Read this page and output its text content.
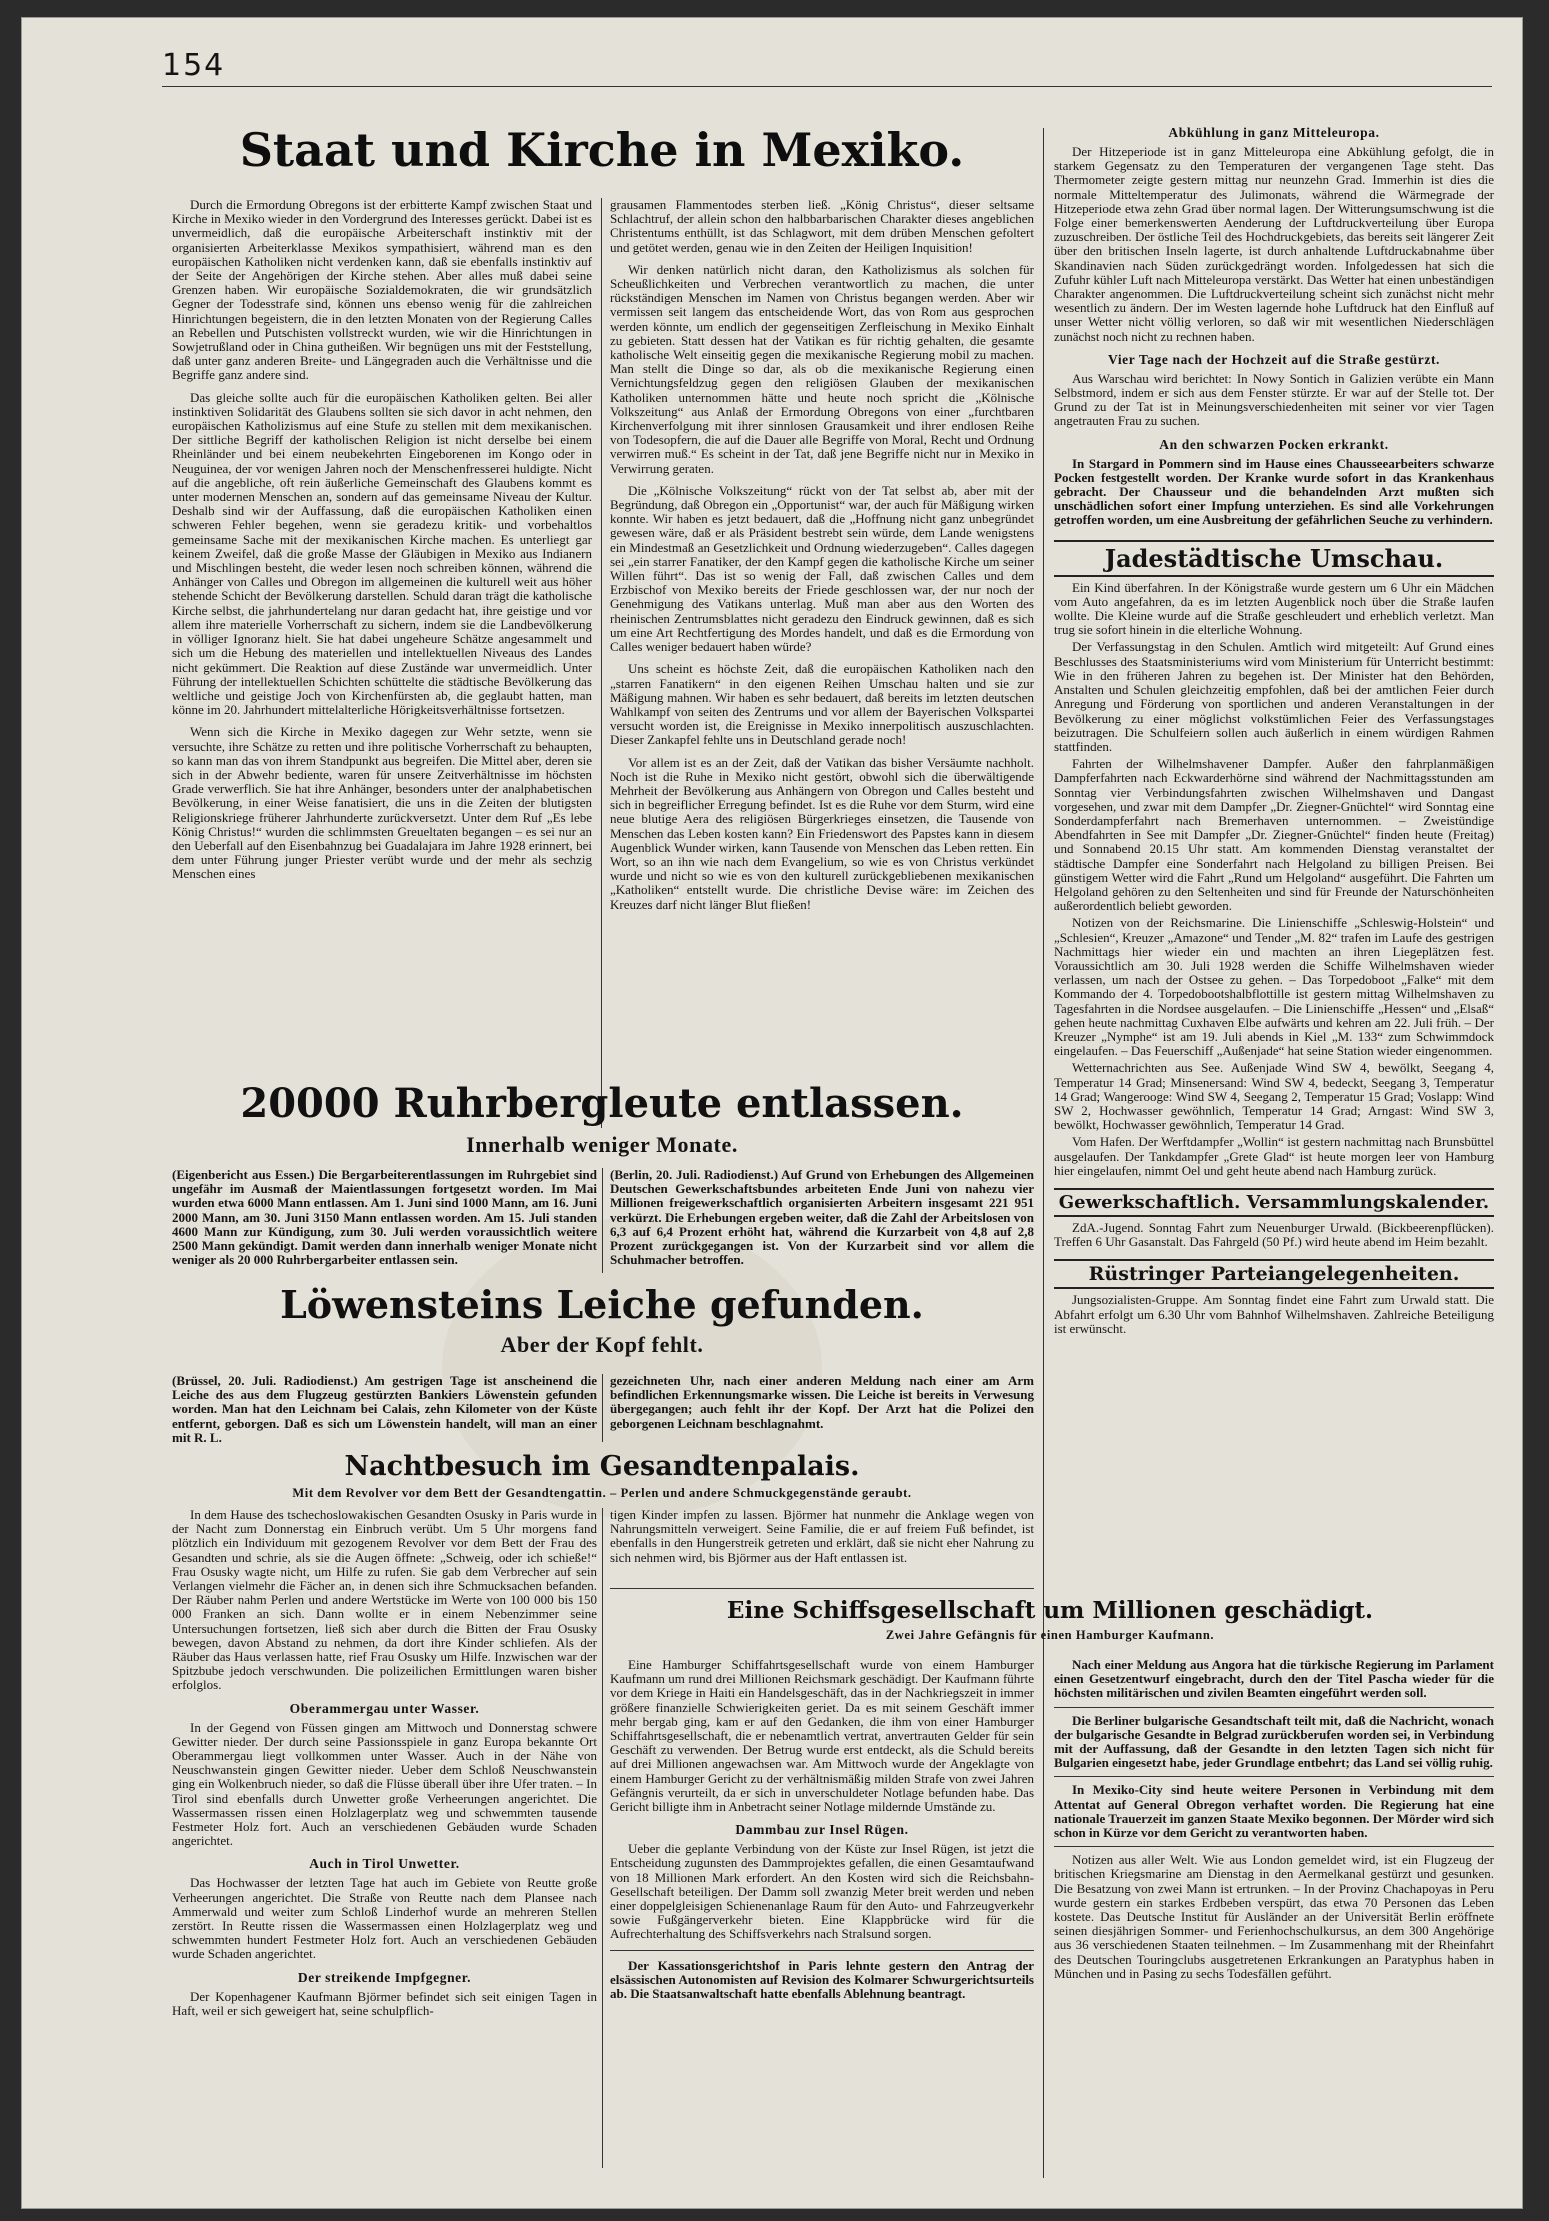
154
Staat und Kirche in Mexiko.

Durch die Ermordung Obregons ist der erbitterte Kampf zwischen Staat und Kirche in Mexiko wieder in den Vordergrund des Interesses gerückt. Dabei ist es unvermeidlich, daß die europäische Arbeiterschaft instinktiv mit der organisierten Arbeiterklasse Mexikos sympathisiert, während man es den europäischen Katholiken nicht verdenken kann, daß sie ebenfalls instinktiv auf der Seite der Angehörigen der Kirche stehen. Aber alles muß dabei seine Grenzen haben. Wir europäische Sozialdemokraten, die wir grundsätzlich Gegner der Todesstrafe sind, können uns ebenso wenig für die zahlreichen Hinrichtungen begeistern, die in den letzten Monaten von der Regierung Calles an Rebellen und Putschisten vollstreckt wurden, wie wir die Hinrichtungen in Sowjetrußland oder in China gutheißen. Wir begnügen uns mit der Feststellung, daß unter ganz anderen Breite- und Längegraden auch die Verhältnisse und die Begriffe ganz andere sind.

Das gleiche sollte auch für die europäischen Katholiken gelten. Bei aller instinktiven Solidarität des Glaubens sollten sie sich davor in acht nehmen, den europäischen Katholizismus auf eine Stufe zu stellen mit dem mexikanischen. Der sittliche Begriff der katholischen Religion ist nicht derselbe bei einem Rheinländer und bei einem neubekehrten Eingeborenen im Kongo oder in Neuguinea, der vor wenigen Jahren noch der Menschenfresserei huldigte. Nicht auf die angebliche, oft rein äußerliche Gemeinschaft des Glaubens kommt es unter modernen Menschen an, sondern auf das gemeinsame Niveau der Kultur. Deshalb sind wir der Auffassung, daß die europäischen Katholiken einen schweren Fehler begehen, wenn sie geradezu kritik- und vorbehaltlos gemeinsame Sache mit der mexikanischen Kirche machen. Es unterliegt gar keinem Zweifel, daß die große Masse der Gläubigen in Mexiko aus Indianern und Mischlingen besteht, die weder lesen noch schreiben können, während die Anhänger von Calles und Obregon im allgemeinen die kulturell weit aus höher stehende Schicht der Bevölkerung darstellen. Schuld daran trägt die katholische Kirche selbst, die jahrhundertelang nur daran gedacht hat, ihre geistige und vor allem ihre materielle Vorherrschaft zu sichern, indem sie die Landbevölkerung in völliger Ignoranz hielt. Sie hat dabei ungeheure Schätze angesammelt und sich um die Hebung des materiellen und intellektuellen Niveaus des Landes nicht gekümmert. Die Reaktion auf diese Zustände war unvermeidlich. Unter Führung der intellektuellen Schichten schüttelte die städtische Bevölkerung das weltliche und geistige Joch von Kirchenfürsten ab, die geglaubt hatten, man könne im 20. Jahrhundert mittelalterliche Hörigkeitsverhältnisse fortsetzen.

Wenn sich die Kirche in Mexiko dagegen zur Wehr setzte, wenn sie versuchte, ihre Schätze zu retten und ihre politische Vorherrschaft zu behaupten, so kann man das von ihrem Standpunkt aus begreifen. Die Mittel aber, deren sie sich in der Abwehr bediente, waren für unsere Zeitverhältnisse im höchsten Grade verwerflich. Sie hat ihre Anhänger, besonders unter der analphabetischen Bevölkerung, in einer Weise fanatisiert, die uns in die Zeiten der blutigsten Religionskriege früherer Jahrhunderte zurückversetzt. Unter dem Ruf „Es lebe König Christus!“ wurden die schlimmsten Greueltaten begangen – es sei nur an den Ueberfall auf den Eisenbahnzug bei Guadalajara im Jahre 1928 erinnert, bei dem unter Führung junger Priester verübt wurde und der mehr als sechzig Menschen eines

grausamen Flammentodes sterben ließ. „König Christus“, dieser seltsame Schlachtruf, der allein schon den halbbarbarischen Charakter dieses angeblichen Christentums enthüllt, ist das Schlagwort, mit dem drüben Menschen gefoltert und getötet werden, genau wie in den Zeiten der Heiligen Inquisition!

Wir denken natürlich nicht daran, den Katholizismus als solchen für Scheußlichkeiten und Verbrechen verantwortlich zu machen, die unter rückständigen Menschen im Namen von Christus begangen werden. Aber wir vermissen seit langem das entscheidende Wort, das von Rom aus gesprochen werden könnte, um endlich der gegenseitigen Zerfleischung in Mexiko Einhalt zu gebieten. Statt dessen hat der Vatikan es für richtig gehalten, die gesamte katholische Welt einseitig gegen die mexikanische Regierung mobil zu machen. Man stellt die Dinge so dar, als ob die mexikanische Regierung einen Vernichtungsfeldzug gegen den religiösen Glauben der mexikanischen Katholiken unternommen hätte und heute noch spricht die „Kölnische Volkszeitung“ aus Anlaß der Ermordung Obregons von einer „furchtbaren Kirchenverfolgung mit ihrer sinnlosen Grausamkeit und ihrer endlosen Reihe von Todesopfern, die auf die Dauer alle Begriffe von Moral, Recht und Ordnung verwirren muß.“ Es scheint in der Tat, daß jene Begriffe nicht nur in Mexiko in Verwirrung geraten.

Die „Kölnische Volkszeitung“ rückt von der Tat selbst ab, aber mit der Begründung, daß Obregon ein „Opportunist“ war, der auch für Mäßigung wirken konnte. Wir haben es jetzt bedauert, daß die „Hoffnung nicht ganz unbegründet gewesen wäre, daß er als Präsident bestrebt sein würde, dem Lande wenigstens ein Mindestmaß an Gesetzlichkeit und Ordnung wiederzugeben“. Calles dagegen sei „ein starrer Fanatiker, der den Kampf gegen die katholische Kirche um seiner Willen führt“. Das ist so wenig der Fall, daß zwischen Calles und dem Erzbischof von Mexiko bereits der Friede geschlossen war, der nur noch der Genehmigung des Vatikans unterlag. Muß man aber aus den Worten des rheinischen Zentrumsblattes nicht geradezu den Eindruck gewinnen, daß es sich um eine Art Rechtfertigung des Mordes handelt, und daß es die Ermordung von Calles weniger bedauert haben würde?

Uns scheint es höchste Zeit, daß die europäischen Katholiken nach den „starren Fanatikern“ in den eigenen Reihen Umschau halten und sie zur Mäßigung mahnen. Wir haben es sehr bedauert, daß bereits im letzten deutschen Wahlkampf von seiten des Zentrums und vor allem der Bayerischen Volkspartei versucht worden ist, die Ereignisse in Mexiko innerpolitisch auszuschlachten. Dieser Zankapfel fehlte uns in Deutschland gerade noch!

Vor allem ist es an der Zeit, daß der Vatikan das bisher Versäumte nachholt. Noch ist die Ruhe in Mexiko nicht gestört, obwohl sich die überwältigende Mehrheit der Bevölkerung aus Anhängern von Obregon und Calles besteht und sich in begreiflicher Erregung befindet. Ist es die Ruhe vor dem Sturm, wird eine neue blutige Aera des religiösen Bürgerkrieges einsetzen, die Tausende von Menschen das Leben kosten kann? Ein Friedenswort des Papstes kann in diesem Augenblick Wunder wirken, kann Tausende von Menschen das Leben retten. Ein Wort, so an ihn wie nach dem Evangelium, so wie es von Christus verkündet wurde und nicht so wie es von den kulturell zurückgebliebenen mexikanischen „Katholiken“ entstellt wurde. Die christliche Devise wäre: im Zeichen des Kreuzes darf nicht länger Blut fließen!

20000 Ruhrbergleute entlassen.
Innerhalb weniger Monate.

(Eigenbericht aus Essen.) Die Bergarbeiterentlassungen im Ruhrgebiet sind ungefähr im Ausmaß der Maientlassungen fortgesetzt worden. Im Mai wurden etwa 6000 Mann entlassen. Am 1. Juni sind 1000 Mann, am 16. Juni 2000 Mann, am 30. Juni 3150 Mann entlassen worden. Am 15. Juli standen 4600 Mann zur Kündigung, zum 30. Juli werden voraussichtlich weitere 2500 Mann gekündigt. Damit werden dann innerhalb weniger Monate nicht weniger als 20 000 Ruhrbergarbeiter entlassen sein.

(Berlin, 20. Juli. Radiodienst.) Auf Grund von Erhebungen des Allgemeinen Deutschen Gewerkschaftsbundes arbeiteten Ende Juni von nahezu vier Millionen freigewerkschaftlich organisierten Arbeitern insgesamt 221 951 verkürzt. Die Erhebungen ergeben weiter, daß die Zahl der Arbeitslosen von 6,3 auf 6,4 Prozent erhöht hat, während die Kurzarbeit von 4,8 auf 2,8 Prozent zurückgegangen ist. Von der Kurzarbeit sind vor allem die Schuhmacher betroffen.

Löwensteins Leiche gefunden.
Aber der Kopf fehlt.

(Brüssel, 20. Juli. Radiodienst.) Am gestrigen Tage ist anscheinend die Leiche des aus dem Flugzeug gestürzten Bankiers Löwenstein gefunden worden. Man hat den Leichnam bei Calais, zehn Kilometer von der Küste entfernt, geborgen. Daß es sich um Löwenstein handelt, will man an einer mit R. L.

gezeichneten Uhr, nach einer anderen Meldung nach einer am Arm befindlichen Erkennungsmarke wissen. Die Leiche ist bereits in Verwesung übergegangen; auch fehlt ihr der Kopf. Der Arzt hat die Polizei den geborgenen Leichnam beschlagnahmt.

Nachtbesuch im Gesandtenpalais.
Mit dem Revolver vor dem Bett der Gesandtengattin. – Perlen und andere Schmuckgegenstände geraubt.

In dem Hause des tschechoslowakischen Gesandten Osusky in Paris wurde in der Nacht zum Donnerstag ein Einbruch verübt. Um 5 Uhr morgens fand plötzlich ein Individuum mit gezogenem Revolver vor dem Bett der Frau des Gesandten und schrie, als sie die Augen öffnete: „Schweig, oder ich schieße!“ Frau Osusky wagte nicht, um Hilfe zu rufen. Sie gab dem Verbrecher auf sein Verlangen vielmehr die Fächer an, in denen sich ihre Schmucksachen befanden. Der Räuber nahm Perlen und andere Wertstücke im Werte von 100 000 bis 150 000 Franken an sich. Dann wollte er in einem Nebenzimmer seine Untersuchungen fortsetzen, ließ sich aber durch die Bitten der Frau Osusky bewegen, davon Abstand zu nehmen, da dort ihre Kinder schliefen. Als der Räuber das Haus verlassen hatte, rief Frau Osusky um Hilfe. Inzwischen war der Spitzbube jedoch verschwunden. Die polizeilichen Ermittlungen waren bisher erfolglos.

Oberammergau unter Wasser.

In der Gegend von Füssen gingen am Mittwoch und Donnerstag schwere Gewitter nieder. Der durch seine Passionsspiele in ganz Europa bekannte Ort Oberammergau liegt vollkommen unter Wasser. Auch in der Nähe von Neuschwanstein gingen Gewitter nieder. Ueber dem Schloß Neuschwanstein ging ein Wolkenbruch nieder, so daß die Flüsse überall über ihre Ufer traten. – In Tirol sind ebenfalls durch Unwetter große Verheerungen angerichtet. Die Wassermassen rissen einen Holzlagerplatz weg und schwemmten tausende Festmeter Holz fort. Auch an verschiedenen Gebäuden wurde Schaden angerichtet.

Auch in Tirol Unwetter.

Das Hochwasser der letzten Tage hat auch im Gebiete von Reutte große Verheerungen angerichtet. Die Straße von Reutte nach dem Plansee nach Ammerwald und weiter zum Schloß Linderhof wurde an mehreren Stellen zerstört. In Reutte rissen die Wassermassen einen Holzlagerplatz weg und schwemmten hundert Festmeter Holz fort. Auch an verschiedenen Gebäuden wurde Schaden angerichtet.

Der streikende Impfgegner.

Der Kopenhagener Kaufmann Björmer befindet sich seit einigen Tagen in Haft, weil er sich geweigert hat, seine schulpflich-

tigen Kinder impfen zu lassen. Björmer hat nunmehr die Anklage wegen von Nahrungsmitteln verweigert. Seine Familie, die er auf freiem Fuß befindet, ist ebenfalls in den Hungerstreik getreten und erklärt, daß sie nicht eher Nahrung zu sich nehmen wird, bis Björmer aus der Haft entlassen ist.

Eine Schiffsgesellschaft um Millionen geschädigt.
Zwei Jahre Gefängnis für einen Hamburger Kaufmann.

Eine Hamburger Schiffahrtsgesellschaft wurde von einem Hamburger Kaufmann um rund drei Millionen Reichsmark geschädigt. Der Kaufmann führte vor dem Kriege in Haiti ein Handelsgeschäft, das in der Nachkriegszeit in immer größere finanzielle Schwierigkeiten geriet. Da es mit seinem Geschäft immer mehr bergab ging, kam er auf den Gedanken, die ihm von einer Hamburger Schiffahrtsgesellschaft, die er nebenamtlich vertrat, anvertrauten Gelder für sein Geschäft zu verwenden. Der Betrug wurde erst entdeckt, als die Schuld bereits auf drei Millionen angewachsen war. Am Mittwoch wurde der Angeklagte von einem Hamburger Gericht zu der verhältnismäßig milden Strafe von zwei Jahren Gefängnis verurteilt, da er sich in unverschuldeter Notlage befunden habe. Das Gericht billigte ihm in Anbetracht seiner Notlage mildernde Umstände zu.

Dammbau zur Insel Rügen.

Ueber die geplante Verbindung von der Küste zur Insel Rügen, ist jetzt die Entscheidung zugunsten des Dammprojektes gefallen, die einen Gesamtaufwand von 18 Millionen Mark erfordert. An den Kosten wird sich die Reichsbahn-Gesellschaft beteiligen. Der Damm soll zwanzig Meter breit werden und neben einer doppelgleisigen Schienenanlage Raum für den Auto- und Fahrzeugverkehr sowie Fußgängerverkehr bieten. Eine Klappbrücke wird für die Aufrechterhaltung des Schiffsverkehrs nach Stralsund sorgen.

Der Kassationsgerichtshof in Paris lehnte gestern den Antrag der elsässischen Autonomisten auf Revision des Kolmarer Schwurgerichtsurteils ab. Die Staatsanwaltschaft hatte ebenfalls Ablehnung beantragt.

Abkühlung in ganz Mitteleuropa.

Der Hitzeperiode ist in ganz Mitteleuropa eine Abkühlung gefolgt, die in starkem Gegensatz zu den Temperaturen der vergangenen Tage steht. Das Thermometer zeigte gestern mittag nur neunzehn Grad. Immerhin ist dies die normale Mitteltemperatur des Julimonats, während die Wärmegrade der Hitzeperiode etwa zehn Grad über normal lagen. Der Witterungsumschwung ist die Folge einer bemerkenswerten Aenderung der Luftdruckverteilung über Europa zuzuschreiben. Der östliche Teil des Hochdruckgebiets, das bereits seit längerer Zeit über den britischen Inseln lagerte, ist durch anhaltende Luftdruckabnahme über Skandinavien nach Süden zurückgedrängt worden. Infolgedessen hat sich die Zufuhr kühler Luft nach Mitteleuropa verstärkt. Das Wetter hat einen unbeständigen Charakter angenommen. Die Luftdruckverteilung scheint sich zunächst nicht mehr wesentlich zu ändern. Der im Westen lagernde hohe Luftdruck hat den Einfluß auf unser Wetter nicht völlig verloren, so daß wir mit wesentlichen Niederschlägen zunächst noch nicht zu rechnen haben.

Vier Tage nach der Hochzeit auf die Straße gestürzt.

Aus Warschau wird berichtet: In Nowy Sontich in Galizien verübte ein Mann Selbstmord, indem er sich aus dem Fenster stürzte. Er war auf der Stelle tot. Der Grund zu der Tat ist in Meinungsverschiedenheiten mit seiner vor vier Tagen angetrauten Frau zu suchen.

An den schwarzen Pocken erkrankt.

In Stargard in Pommern sind im Hause eines Chausseearbeiters schwarze Pocken festgestellt worden. Der Kranke wurde sofort in das Krankenhaus gebracht. Der Chausseur und die behandelnden Arzt mußten sich unschädlichen sofort einer Impfung unterziehen. Es sind alle Vorkehrungen getroffen worden, um eine Ausbreitung der gefährlichen Seuche zu verhindern.

Jadestädtische Umschau.

Ein Kind überfahren. In der Königstraße wurde gestern um 6 Uhr ein Mädchen vom Auto angefahren, da es im letzten Augenblick noch über die Straße laufen wollte. Die Kleine wurde auf die Straße geschleudert und erheblich verletzt. Man trug sie sofort hinein in die elterliche Wohnung.

Der Verfassungstag in den Schulen. Amtlich wird mitgeteilt: Auf Grund eines Beschlusses des Staatsministeriums wird vom Ministerium für Unterricht bestimmt: Wie in den früheren Jahren zu begehen ist. Der Minister hat den Behörden, Anstalten und Schulen gleichzeitig empfohlen, daß bei der amtlichen Feier durch Anregung und Förderung von sportlichen und anderen Veranstaltungen in der Bevölkerung zu einer möglichst volkstümlichen Feier des Verfassungstages beizutragen. Die Schulfeiern sollen auch äußerlich in einem würdigen Rahmen stattfinden.

Fahrten der Wilhelmshavener Dampfer. Außer den fahrplanmäßigen Dampferfahrten nach Eckwarderhörne sind während der Nachmittagsstunden am Sonntag vier Verbindungsfahrten zwischen Wilhelmshaven und Dangast vorgesehen, und zwar mit dem Dampfer „Dr. Ziegner-Gnüchtel“ wird Sonntag eine Sonderdampferfahrt nach Bremerhaven unternommen. – Zweistündige Abendfahrten in See mit Dampfer „Dr. Ziegner-Gnüchtel“ finden heute (Freitag) und Sonnabend 20.15 Uhr statt. Am kommenden Dienstag veranstaltet der städtische Dampfer eine Sonderfahrt nach Helgoland zu billigen Preisen. Bei günstigem Wetter wird die Fahrt „Rund um Helgoland“ ausgeführt. Die Fahrten um Helgoland gehören zu den Seltenheiten und sind für Freunde der Naturschönheiten außerordentlich beliebt geworden.

Notizen von der Reichsmarine. Die Linienschiffe „Schleswig-Holstein“ und „Schlesien“, Kreuzer „Amazone“ und Tender „M. 82“ trafen im Laufe des gestrigen Nachmittags hier wieder ein und machten an ihren Liegeplätzen fest. Voraussichtlich am 30. Juli 1928 werden die Schiffe Wilhelmshaven wieder verlassen, um nach der Ostsee zu gehen. – Das Torpedoboot „Falke“ mit dem Kommando der 4. Torpedobootshalbflottille ist gestern mittag Wilhelmshaven zu Tagesfahrten in die Nordsee ausgelaufen. – Die Linienschiffe „Hessen“ und „Elsaß“ gehen heute nachmittag Cuxhaven Elbe aufwärts und kehren am 22. Juli früh. – Der Kreuzer „Nymphe“ ist am 19. Juli abends in Kiel „M. 133“ zum Schwimmdock eingelaufen. – Das Feuerschiff „Außenjade“ hat seine Station wieder eingenommen.

Wetternachrichten aus See. Außenjade Wind SW 4, bewölkt, Seegang 4, Temperatur 14 Grad; Minsenersand: Wind SW 4, bedeckt, Seegang 3, Temperatur 14 Grad; Wangerooge: Wind SW 4, Seegang 2, Temperatur 15 Grad; Voslapp: Wind SW 2, Hochwasser gewöhnlich, Temperatur 14 Grad; Arngast: Wind SW 3, bewölkt, Hochwasser gewöhnlich, Temperatur 14 Grad.

Vom Hafen. Der Werftdampfer „Wollin“ ist gestern nachmittag nach Brunsbüttel ausgelaufen. Der Tankdampfer „Grete Glad“ ist heute morgen leer von Hamburg hier eingelaufen, nimmt Oel und geht heute abend nach Hamburg zurück.

Gewerkschaftlich. Versammlungskalender.

ZdA.-Jugend. Sonntag Fahrt zum Neuenburger Urwald. (Bickbeerenpflücken). Treffen 6 Uhr Gasanstalt. Das Fahrgeld (50 Pf.) wird heute abend im Heim bezahlt.

Rüstringer Parteiangelegenheiten.

Jungsozialisten-Gruppe. Am Sonntag findet eine Fahrt zum Urwald statt. Die Abfahrt erfolgt um 6.30 Uhr vom Bahnhof Wilhelmshaven. Zahlreiche Beteiligung ist erwünscht.

Nach einer Meldung aus Angora hat die türkische Regierung im Parlament einen Gesetzentwurf eingebracht, durch den der Titel Pascha wieder für die höchsten militärischen und zivilen Beamten eingeführt werden soll.

Die Berliner bulgarische Gesandtschaft teilt mit, daß die Nachricht, wonach der bulgarische Gesandte in Belgrad zurückberufen worden sei, in Verbindung mit der Auffassung, daß der Gesandte in den letzten Tagen sich nicht für Bulgarien eingesetzt habe, jeder Grundlage entbehrt; das Land sei völlig ruhig.

In Mexiko-City sind heute weitere Personen in Verbindung mit dem Attentat auf General Obregon verhaftet worden. Die Regierung hat eine nationale Trauerzeit im ganzen Staate Mexiko begonnen. Der Mörder wird sich schon in Kürze vor dem Gericht zu verantworten haben.

Notizen aus aller Welt. Wie aus London gemeldet wird, ist ein Flugzeug der britischen Kriegsmarine am Dienstag in den Aermelkanal gestürzt und gesunken. Die Besatzung von zwei Mann ist ertrunken. – In der Provinz Chachapoyas in Peru wurde gestern ein starkes Erdbeben verspürt, das etwa 70 Personen das Leben kostete. Das Deutsche Institut für Ausländer an der Universität Berlin eröffnete seinen diesjährigen Sommer- und Ferienhochschulkursus, an dem 300 Angehörige aus 36 verschiedenen Staaten teilnehmen. – Im Zusammenhang mit der Rheinfahrt des Deutschen Touringclubs ausgetretenen Erkrankungen an Paratyphus haben in München und in Pasing zu sechs Todesfällen geführt.
